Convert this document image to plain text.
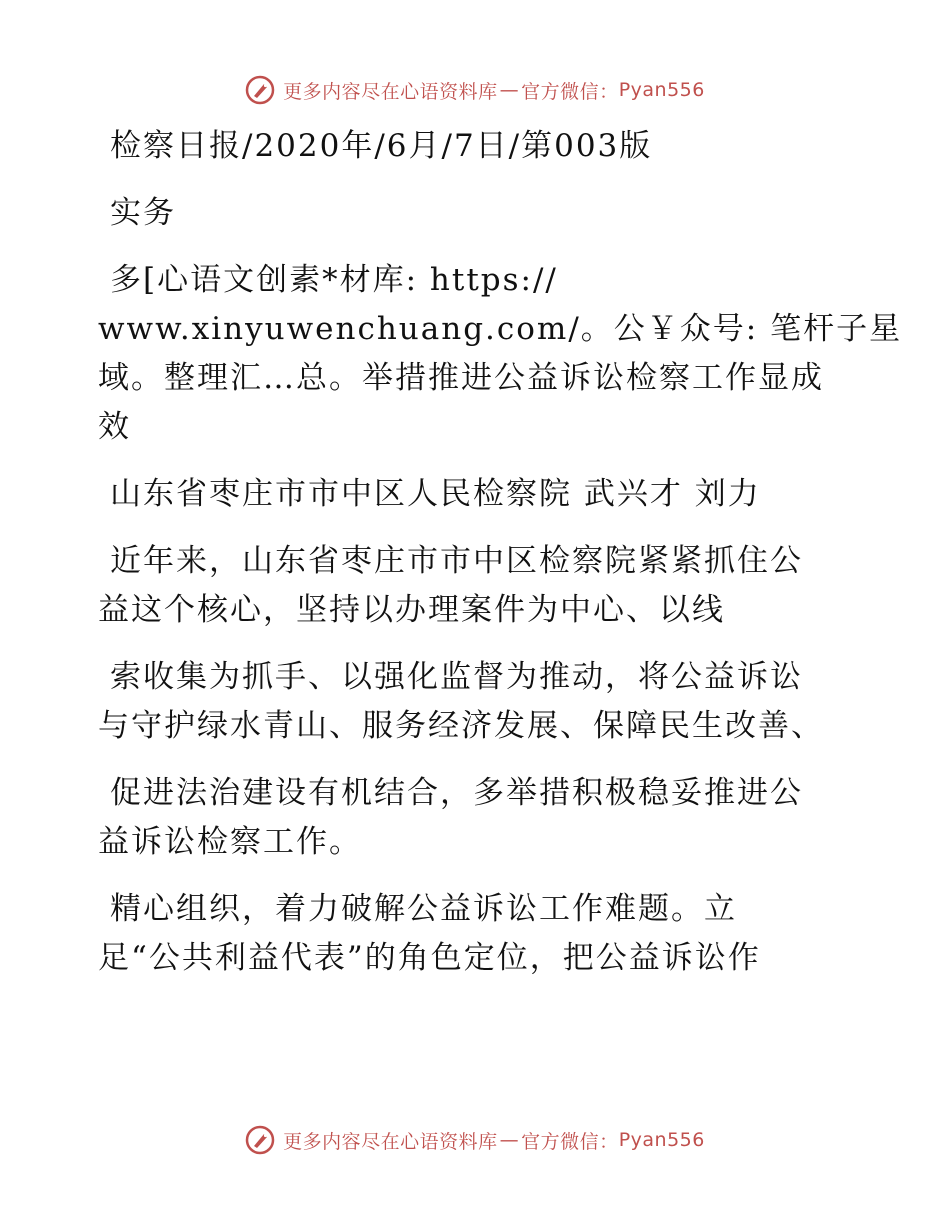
更多内容尽在心语资料库 — 官方微信： Pyan556
检察日报/2020年/6月/7日/第003版
实务
多[心语文创素*材库: https://
www.xinyuwenchuang.com/。公￥众号: 笔杆子星
域。整理汇…总。举措推进公益诉讼检察工作显成
效
山东省枣庄市市中区人民检察院 武兴才 刘力
近年来，山东省枣庄市市中区检察院紧紧抓住公
益这个核心，坚持以办理案件为中心、以线
索收集为抓手、以强化监督为推动，将公益诉讼
与守护绿水青山、服务经济发展、保障民生改善、
促进法治建设有机结合，多举措积极稳妥推进公
益诉讼检察工作。
精心组织，着力破解公益诉讼工作难题。立
足“公共利益代表”的角色定位，把公益诉讼作
更多内容尽在心语资料库 — 官方微信： Pyan556
